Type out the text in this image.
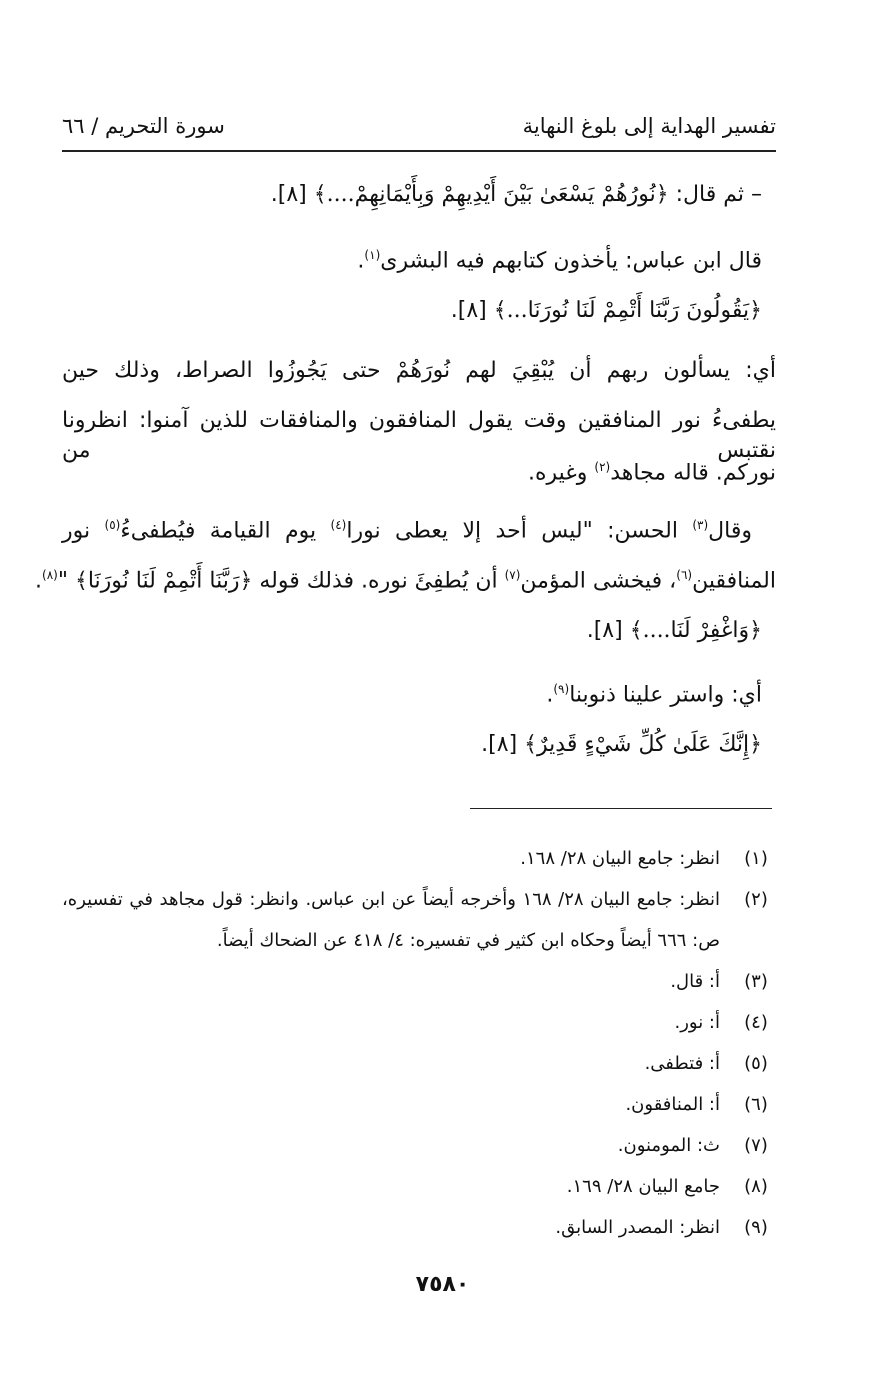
تفسير الهداية إلى بلوغ النهاية
سورة التحريم / ٦٦
– ثم قال: ﴿نُورُهُمْ يَسْعَىٰ بَيْنَ أَيْدِيهِمْ وَبِأَيْمَانِهِمْ....﴾ [٨].
قال ابن عباس: يأخذون كتابهم فيه البشرى$^{(١)}$.
﴿يَقُولُونَ رَبَّنَا أَتْمِمْ لَنَا نُورَنَا...﴾ [٨].
أي: يسألون ربهم أن يُبْقِيَ لهم نُورَهُمْ حتى يَجُوزُوا الصراط، وذلك حين
يطفىءُ نور المنافقين وقت يقول المنافقون والمنافقات للذين آمنوا: انظرونا نقتبس من
نوركم. قاله مجاهد$^{(٢)}$ وغيره.
وقال$^{(٣)}$ الحسن: "ليس أحد إلا يعطى نورا$^{(٤)}$ يوم القيامة فيُطفىءُ$^{(٥)}$ نور
المنافقين$^{(٦)}$، فيخشى المؤمن$^{(٧)}$ أن يُطفِئَ نوره. فذلك قوله ﴿رَبَّنَا أَتْمِمْ لَنَا نُورَنَا﴾ "$^{(٨)}$.
﴿وَاغْفِرْ لَنَا....﴾ [٨].
أي: واستر علينا ذنوبنا$^{(٩)}$.
﴿إِنَّكَ عَلَىٰ كُلِّ شَيْءٍ قَدِيرٌ﴾ [٨].
(١)
انظر: جامع البيان ٢٨/ ١٦٨.
(٢)
انظر: جامع البيان ٢٨/ ١٦٨ وأخرجه أيضاً عن ابن عباس. وانظر: قول مجاهد في تفسيره،
ص: ٦٦٦ أيضاً وحكاه ابن كثير في تفسيره: ٤/ ٤١٨ عن الضحاك أيضاً.
(٣)
أ: قال.
(٤)
أ: نور.
(٥)
أ: فتطفى.
(٦)
أ: المنافقون.
(٧)
ث: المومنون.
(٨)
جامع البيان ٢٨/ ١٦٩.
(٩)
انظر: المصدر السابق.
٧٥٨٠
